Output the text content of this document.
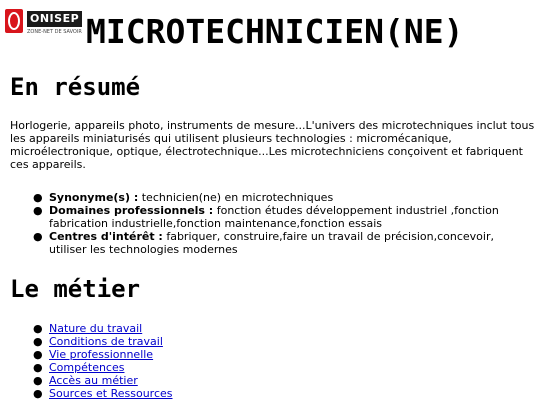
ONISEP
ZONE-NET DE SAVOIR MICROTECHNICIEN(NE)
En résumé

Horlogerie, appareils photo, instruments de mesure...L'univers des microtechniques inclut tous les appareils miniaturisés qui utilisent plusieurs technologies : micromécanique, microélectronique, optique, électrotechnique...Les microtechniciens conçoivent et fabriquent ces appareils.

● Synonyme(s) : technicien(ne) en microtechniques
● Domaines professionnels : fonction études développement industriel ,fonction fabrication industrielle,fonction maintenance,fonction essais
● Centres d'intérêt : fabriquer, construire,faire un travail de précision,concevoir, utiliser les technologies modernes
Le métier
● Nature du travail
● Conditions de travail
● Vie professionnelle
● Compétences
● Accès au métier
● Sources et Ressources
